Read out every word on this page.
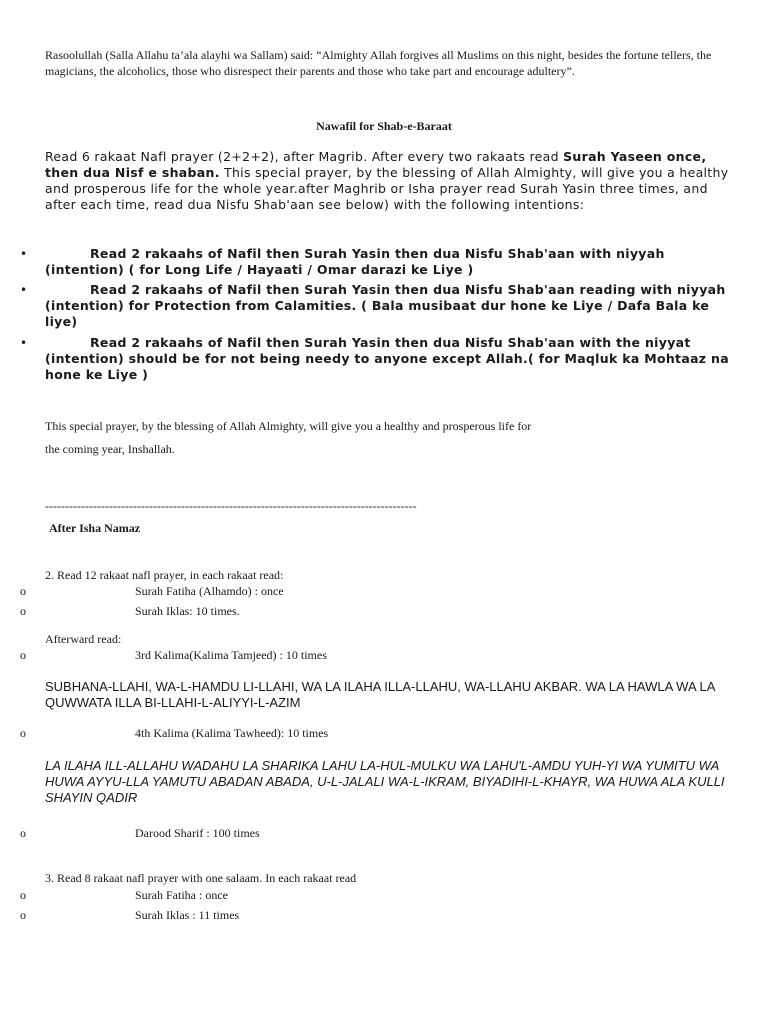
Rasoolullah (Salla Allahu ta’ala alayhi wa Sallam) said: “Almighty Allah forgives all Muslims on this night, besides the fortune tellers, the magicians, the alcoholics, those who disrespect their parents and those who take part and encourage adultery”.

Nawafil for Shab-e-Baraat

Read 6 rakaat Nafl prayer (2+2+2), after Magrib. After every two rakaats read Surah Yaseen once, then dua Nisf e shaban. This special prayer, by the blessing of Allah Almighty, will give you a healthy and prosperous life for the whole year.after Maghrib or Isha prayer read Surah Yasin three times, and after each time, read dua Nisfu Shab'aan see below) with the following intentions:

•	Read 2 rakaahs of Nafil then Surah Yasin then dua Nisfu Shab'aan with niyyah (intention) ( for Long Life / Hayaati / Omar darazi ke Liye )

•	Read 2 rakaahs of Nafil then Surah Yasin then dua Nisfu Shab'aan reading with niyyah (intention) for Protection from Calamities. ( Bala musibaat dur hone ke Liye / Dafa Bala ke liye)

•	Read 2 rakaahs of Nafil then Surah Yasin then dua Nisfu Shab'aan with the niyyat (intention) should be for not being needy to anyone except Allah.( for Maqluk ka Mohtaaz na hone ke Liye )

This special prayer, by the blessing of Allah Almighty, will give you a healthy and prosperous life for

the coming year, Inshallah.

---------------------------------------------------------------------------------------------

After Isha Namaz

2. Read 12 rakaat nafl prayer, in each rakaat read:

o	Surah Fatiha (Alhamdo) : once

o	Surah Iklas: 10 times.

Afterward read:

o	3rd Kalima(Kalima Tamjeed) : 10 times

SUBHANA-LLAHI, WA-L-HAMDU LI-LLAHI, WA LA ILAHA ILLA-LLAHU, WA-LLAHU AKBAR. WA LA HAWLA WA LA QUWWATA ILLA BI-LLAHI-L-ALIYYI-L-AZIM

o	4th Kalima (Kalima Tawheed): 10 times

LA ILAHA ILL-ALLAHU WADAHU LA SHARIKA LAHU LA-HUL-MULKU WA LAHU'L-AMDU YUH-YI WA YUMITU WA HUWA AYYU-LLA YAMUTU ABADAN ABADA, U-L-JALALI WA-L-IKRAM, BIYADIHI-L-KHAYR, WA HUWA ALA KULLI SHAYIN QADIR

o	Darood Sharif : 100 times

3. Read 8 rakaat nafl prayer with one salaam. In each rakaat read

o	Surah Fatiha : once

o	Surah Iklas : 11 times
